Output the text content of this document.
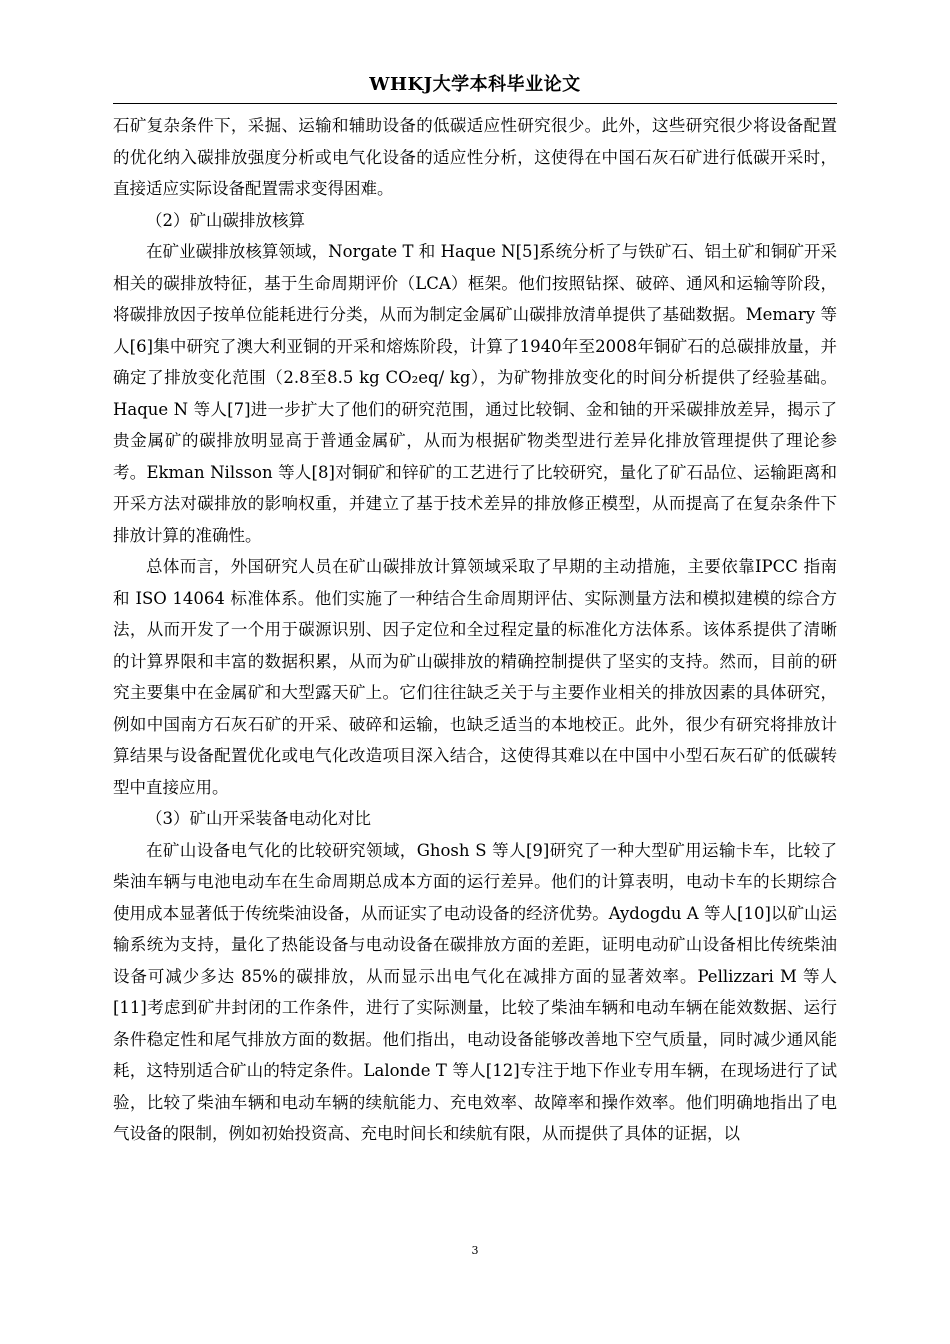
WHKJ大学本科毕业论文

石矿复杂条件下，采掘、运输和辅助设备的低碳适应性研究很少。此外，这些研究很少将设备配置的优化纳入碳排放强度分析或电气化设备的适应性分析，这使得在中国石灰石矿进行低碳开采时，直接适应实际设备配置需求变得困难。

（2）矿山碳排放核算

在矿业碳排放核算领域，Norgate T 和 Haque N[5]系统分析了与铁矿石、铝土矿和铜矿开采相关的碳排放特征，基于生命周期评价（LCA）框架。他们按照钻探、破碎、通风和运输等阶段，将碳排放因子按单位能耗进行分类，从而为制定金属矿山碳排放清单提供了基础数据。Memary 等人[6]集中研究了澳大利亚铜的开采和熔炼阶段，计算了1940年至2008年铜矿石的总碳排放量，并确定了排放变化范围（2.8至8.5 kg CO₂eq/ kg），为矿物排放变化的时间分析提供了经验基础。Haque N 等人[7]进一步扩大了他们的研究范围，通过比较铜、金和铀的开采碳排放差异，揭示了贵金属矿的碳排放明显高于普通金属矿，从而为根据矿物类型进行差异化排放管理提供了理论参考。Ekman Nilsson 等人[8]对铜矿和锌矿的工艺进行了比较研究，量化了矿石品位、运输距离和开采方法对碳排放的影响权重，并建立了基于技术差异的排放修正模型，从而提高了在复杂条件下排放计算的准确性。

总体而言，外国研究人员在矿山碳排放计算领域采取了早期的主动措施，主要依靠IPCC 指南和 ISO 14064 标准体系。他们实施了一种结合生命周期评估、实际测量方法和模拟建模的综合方法，从而开发了一个用于碳源识别、因子定位和全过程定量的标准化方法体系。该体系提供了清晰的计算界限和丰富的数据积累，从而为矿山碳排放的精确控制提供了坚实的支持。然而，目前的研究主要集中在金属矿和大型露天矿上。它们往往缺乏关于与主要作业相关的排放因素的具体研究，例如中国南方石灰石矿的开采、破碎和运输，也缺乏适当的本地校正。此外，很少有研究将排放计算结果与设备配置优化或电气化改造项目深入结合，这使得其难以在中国中小型石灰石矿的低碳转型中直接应用。

（3）矿山开采装备电动化对比

在矿山设备电气化的比较研究领域，Ghosh S 等人[9]研究了一种大型矿用运输卡车，比较了柴油车辆与电池电动车在生命周期总成本方面的运行差异。他们的计算表明，电动卡车的长期综合使用成本显著低于传统柴油设备，从而证实了电动设备的经济优势。Aydogdu A 等人[10]以矿山运输系统为支持，量化了热能设备与电动设备在碳排放方面的差距，证明电动矿山设备相比传统柴油设备可减少多达 85%的碳排放，从而显示出电气化在减排方面的显著效率。Pellizzari M 等人[11]考虑到矿井封闭的工作条件，进行了实际测量，比较了柴油车辆和电动车辆在能效数据、运行条件稳定性和尾气排放方面的数据。他们指出，电动设备能够改善地下空气质量，同时减少通风能耗，这特别适合矿山的特定条件。Lalonde T 等人[12]专注于地下作业专用车辆，在现场进行了试验，比较了柴油车辆和电动车辆的续航能力、充电效率、故障率和操作效率。他们明确地指出了电气设备的限制，例如初始投资高、充电时间长和续航有限，从而提供了具体的证据，以

3
